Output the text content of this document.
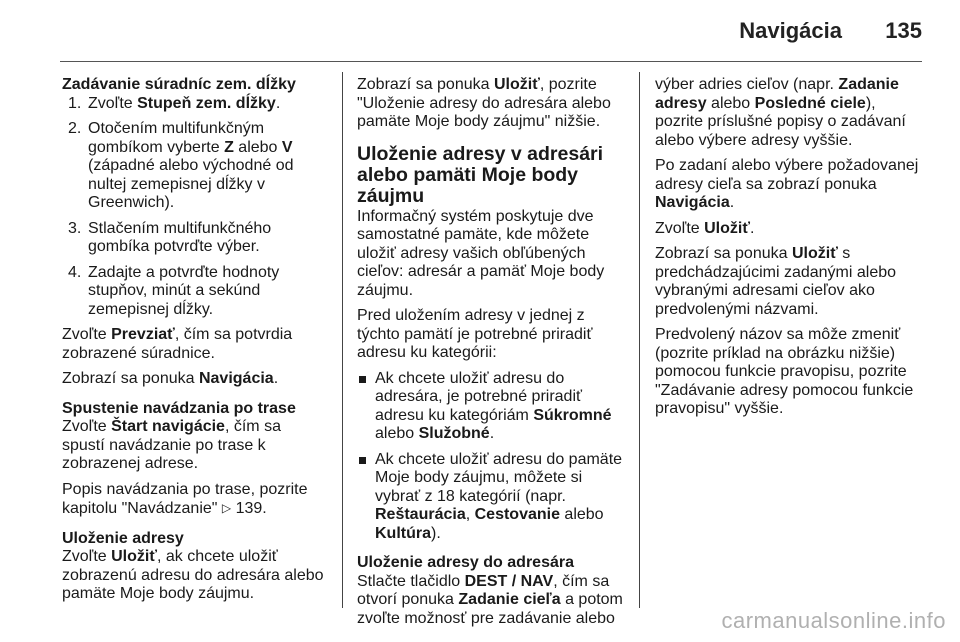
Navigácia 135

Zadávanie súradníc zem. dĺžky

1. Zvoľte Stupeň zem. dĺžky.
2. Otočením multifunkčným gombíkom vyberte Z alebo V (západné alebo východné od nultej zemepisnej dĺžky v Greenwich).
3. Stlačením multifunkčného gombíka potvrďte výber.
4. Zadajte a potvrďte hodnoty stupňov, minút a sekúnd zemepisnej dĺžky.

Zvoľte Prevziať, čím sa potvrdia zobrazené súradnice.

Zobrazí sa ponuka Navigácia.

Spustenie navádzania po trase

Zvoľte Štart navigácie, čím sa spustí navádzanie po trase k zobrazenej adrese.

Popis navádzania po trase, pozrite kapitolu "Navádzanie" ▷ 139.

Uloženie adresy

Zvoľte Uložiť, ak chcete uložiť zobrazenú adresu do adresára alebo pamäte Moje body záujmu.

Zobrazí sa ponuka Uložiť, pozrite "Uloženie adresy do adresára alebo pamäte Moje body záujmu" nižšie.

Uloženie adresy v adresári alebo pamäti Moje body záujmu

Informačný systém poskytuje dve samostatné pamäte, kde môžete uložiť adresy vašich obľúbených cieľov: adresár a pamäť Moje body záujmu.

Pred uložením adresy v jednej z týchto pamätí je potrebné priradiť adresu ku kategórii:

Ak chcete uložiť adresu do adresára, je potrebné priradiť adresu ku kategóriám Súkromné alebo Služobné.
Ak chcete uložiť adresu do pamäte Moje body záujmu, môžete si vybrať z 18 kategórií (napr. Reštaurácia, Cestovanie alebo Kultúra).

Uloženie adresy do adresára

Stlačte tlačidlo DEST / NAV, čím sa otvorí ponuka Zadanie cieľa a potom zvoľte možnosť pre zadávanie alebo

výber adries cieľov (napr. Zadanie adresy alebo Posledné ciele), pozrite príslušné popisy o zadávaní alebo výbere adresy vyššie.

Po zadaní alebo výbere požadovanej adresy cieľa sa zobrazí ponuka Navigácia.

Zvoľte Uložiť.

Zobrazí sa ponuka Uložiť s predchádzajúcimi zadanými alebo vybranými adresami cieľov ako predvolenými názvami.

Predvolený názov sa môže zmeniť (pozrite príklad na obrázku nižšie) pomocou funkcie pravopisu, pozrite "Zadávanie adresy pomocou funkcie pravopisu" vyššie.

carmanualsonline.info
